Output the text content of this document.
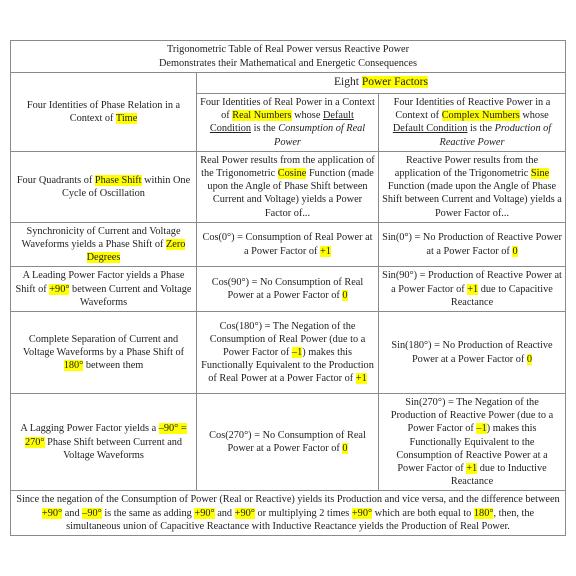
Trigonometric Table of Real Power versus Reactive Power
Demonstrates their Mathematical and Energetic Consequences		
Four Identities of Phase Relation in a Context of Time	Eight Power Factors	
	Four Identities of Real Power in a Context of Real Numbers whose Default Condition is the Consumption of Real Power	Four Identities of Reactive Power in a Context of Complex Numbers whose Default Condition is the Production of Reactive Power
Four Quadrants of Phase Shift within One Cycle of Oscillation	Real Power results from the application of the Trigonometric Cosine Function (made upon the Angle of Phase Shift between Current and Voltage) yields a Power Factor of...	Reactive Power results from the application of the Trigonometric Sine Function (made upon the Angle of Phase Shift between Current and Voltage) yields a Power Factor of...
Synchronicity of Current and Voltage Waveforms yields a Phase Shift of Zero Degrees	Cos(0°) = Consumption of Real Power at a Power Factor of +1	Sin(0°) = No Production of Reactive Power at a Power Factor of 0
A Leading Power Factor yields a Phase Shift of +90° between Current and Voltage Waveforms	Cos(90°) = No Consumption of Real Power at a Power Factor of 0	Sin(90°) = Production of Reactive Power at a Power Factor of +1 due to Capacitive Reactance
Complete Separation of Current and Voltage Waveforms by a Phase Shift of 180° between them	Cos(180°) = The Negation of the Consumption of Real Power (due to a Power Factor of –1) makes this Functionally Equivalent to the Production of Real Power at a Power Factor of +1	Sin(180°) = No Production of Reactive Power at a Power Factor of 0
A Lagging Power Factor yields a –90° = 270° Phase Shift between Current and Voltage Waveforms	Cos(270°) = No Consumption of Real Power at a Power Factor of 0	Sin(270°) = The Negation of the Production of Reactive Power (due to a Power Factor of –1) makes this Functionally Equivalent to the Consumption of Reactive Power at a Power Factor of +1 due to Inductive Reactance
Since the negation of the Consumption of Power (Real or Reactive) yields its Production and vice versa, and the difference between +90° and –90° is the same as adding +90° and +90° or multiplying 2 times +90° which are both equal to 180°, then, the simultaneous union of Capacitive Reactance with Inductive Reactance yields the Production of Real Power.		
